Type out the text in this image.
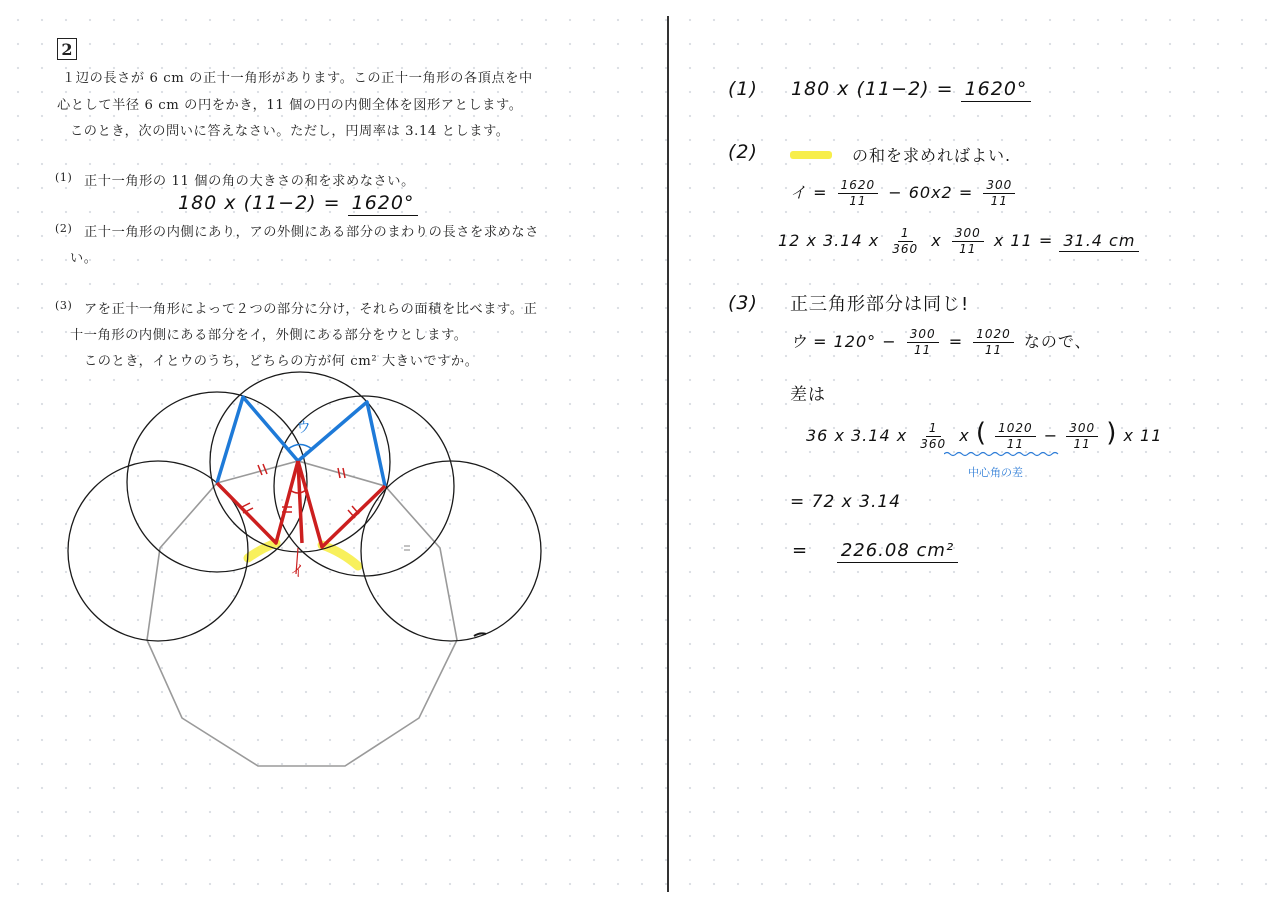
2
１辺の長さが 6 cm の正十一角形があります。この正十一角形の各頂点を中
心として半径 6 cm の円をかき，11 個の円の内側全体を図形アとします。
このとき，次の問いに答えなさい。ただし，円周率は 3.14 とします。
(1) 正十一角形の 11 個の角の大きさの和を求めなさい。
180 x (11−2) = 1620°
(2) 正十一角形の内側にあり，アの外側にある部分のまわりの長さを求めなさ
い。
(3) アを正十一角形によって２つの部分に分け，それらの面積を比べます。正
十一角形の内側にある部分をイ，外側にある部分をウとします。
このとき，イとウのうち，どちらの方が何 cm² 大きいですか。
ウ
イ
(1) 180 x (11−2) = 1620°
(2)	の和を求めればよい.
イ = $\frac{1620}{11} - 60x2 = \frac{300}{11}$
12 x 3.14 x $\frac{1}{360}$ x $\frac{300}{11}$ x 11 = 31.4 cm
(3) 正三角形部分は同じ!
ウ = $120^\circ - \frac{300}{11} = \frac{1020}{11}$ なので、
差は
36 x 3.14 x $\frac{1}{360}$ x ( $\frac{1020}{11} - \frac{300}{11}$ ) x 11
中心角の差
= 72 x 3.14
= 226.08 cm²
